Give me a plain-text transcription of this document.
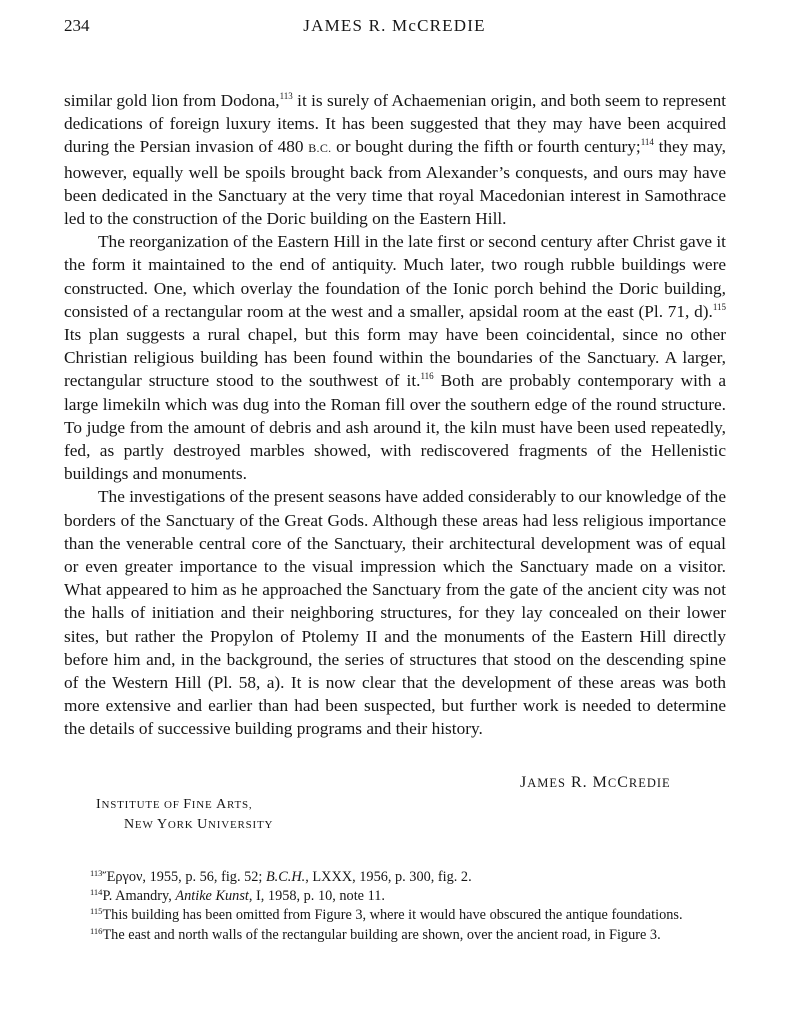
234	JAMES R. McCREDIE

similar gold lion from Dodona,$^{113}$ it is surely of Achaemenian origin, and both seem to represent dedications of foreign luxury items. It has been suggested that they may have been acquired during the Persian invasion of 480 B.C. or bought during the fifth or fourth century;$^{114}$ they may, however, equally well be spoils brought back from Alexander’s conquests, and ours may have been dedicated in the Sanctuary at the very time that royal Macedonian interest in Samothrace led to the construction of the Doric building on the Eastern Hill.

The reorganization of the Eastern Hill in the late first or second century after Christ gave it the form it maintained to the end of antiquity. Much later, two rough rubble buildings were constructed. One, which overlay the foundation of the Ionic porch behind the Doric building, consisted of a rectangular room at the west and a smaller, apsidal room at the east (Pl. 71, d).$^{115}$ Its plan suggests a rural chapel, but this form may have been coincidental, since no other Christian religious building has been found within the boundaries of the Sanctuary. A larger, rectangular structure stood to the southwest of it.$^{116}$ Both are probably contemporary with a large limekiln which was dug into the Roman fill over the southern edge of the round structure. To judge from the amount of debris and ash around it, the kiln must have been used repeatedly, fed, as partly destroyed marbles showed, with rediscovered fragments of the Hellenistic buildings and monuments.

The investigations of the present seasons have added considerably to our knowledge of the borders of the Sanctuary of the Great Gods. Although these areas had less religious importance than the venerable central core of the Sanctuary, their architectural development was of equal or even greater importance to the visual impression which the Sanctuary made on a visitor. What appeared to him as he approached the Sanctuary from the gate of the ancient city was not the halls of initiation and their neighboring structures, for they lay concealed on their lower sites, but rather the Propylon of Ptolemy II and the monuments of the Eastern Hill directly before him and, in the background, the series of structures that stood on the descending spine of the Western Hill (Pl. 58, a). It is now clear that the development of these areas was both more extensive and earlier than had been suspected, but further work is needed to determine the details of successive building programs and their history.

JAMES R. MCCREDIE
INSTITUTE OF FINE ARTS,
NEW YORK UNIVERSITY

$^{113}$Ἔργον, 1955, p. 56, fig. 52; B.C.H., LXXX, 1956, p. 300, fig. 2.

$^{114}$P. Amandry, Antike Kunst, I, 1958, p. 10, note 11.

$^{115}$This building has been omitted from Figure 3, where it would have obscured the antique foundations.

$^{116}$The east and north walls of the rectangular building are shown, over the ancient road, in Figure 3.
